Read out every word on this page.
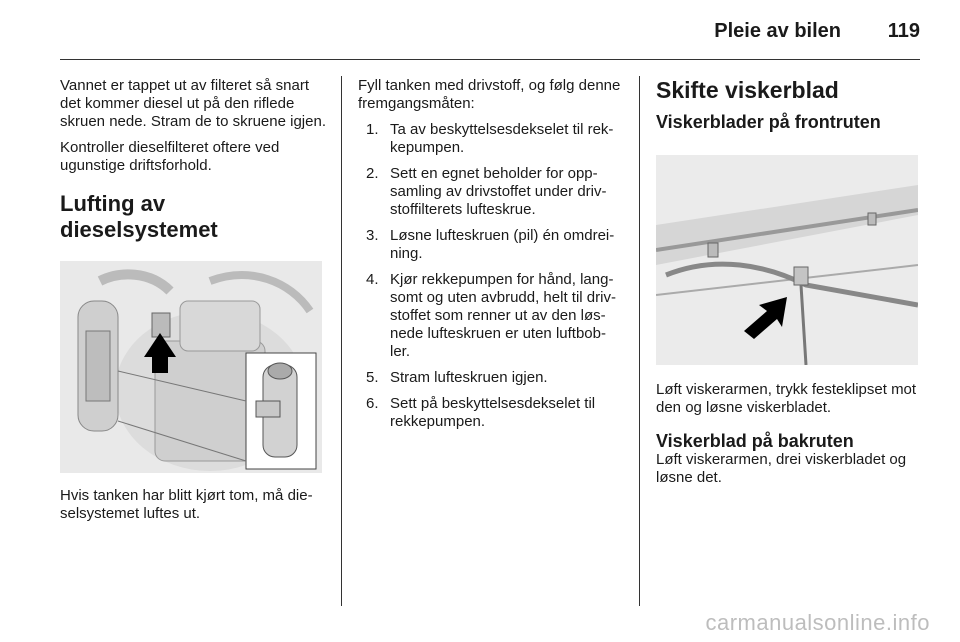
Pleie av bilen 119

Vannet er tappet ut av filteret så snart det kommer diesel ut på den riflede skruen nede. Stram de to skruene igjen.

Kontroller dieselfilteret oftere ved ugunstige driftsforhold.

Lufting av dieselsystemet

Hvis tanken har blitt kjørt tom, må die-selsystemet luftes ut.

Fyll tanken med drivstoff, og følg denne fremgangsmåten:

1. Ta av beskyttelsesdekselet til rek-kepumpen.
2. Sett en egnet beholder for opp-samling av drivstoffet under driv-stoffilterets lufteskrue.
3. Løsne lufteskruen (pil) én omdrei-ning.
4. Kjør rekkepumpen for hånd, lang-somt og uten avbrudd, helt til driv-stoffet som renner ut av den løs-nede lufteskruen er uten luftbob-ler.
5. Stram lufteskruen igjen.
6. Sett på beskyttelsesdekselet til rekkepumpen.
Skifte viskerblad
Viskerblader på frontruten

Løft viskerarmen, trykk festeklipset mot den og løsne viskerbladet.

Viskerblad på bakruten

Løft viskerarmen, drei viskerbladet og løsne det.

carmanualsonline.info
